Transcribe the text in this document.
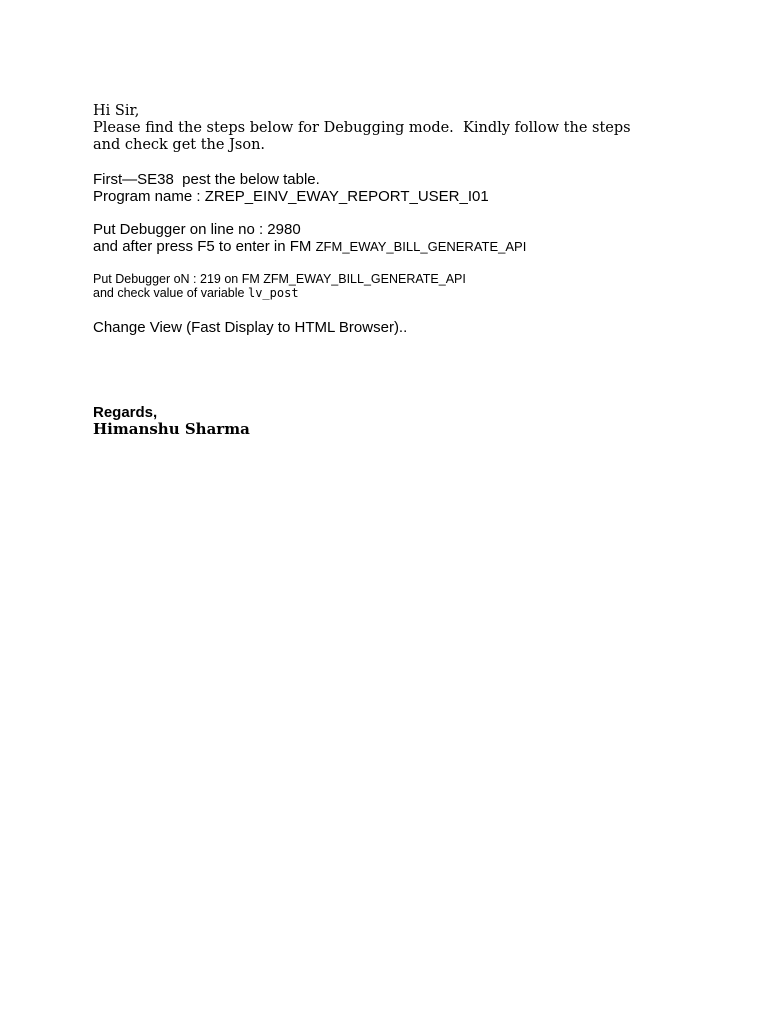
Hi Sir,
Please find the steps below for Debugging mode.  Kindly follow the steps
and check get the Json.
First—SE38  pest the below table.
Program name : ZREP_EINV_EWAY_REPORT_USER_I01
Put Debugger on line no : 2980
and after press F5 to enter in FM ZFM_EWAY_BILL_GENERATE_API
Put Debugger oN : 219 on FM ZFM_EWAY_BILL_GENERATE_API
and check value of variable lv_post
Change View (Fast Display to HTML Browser)..
Regards,
Himanshu Sharma
